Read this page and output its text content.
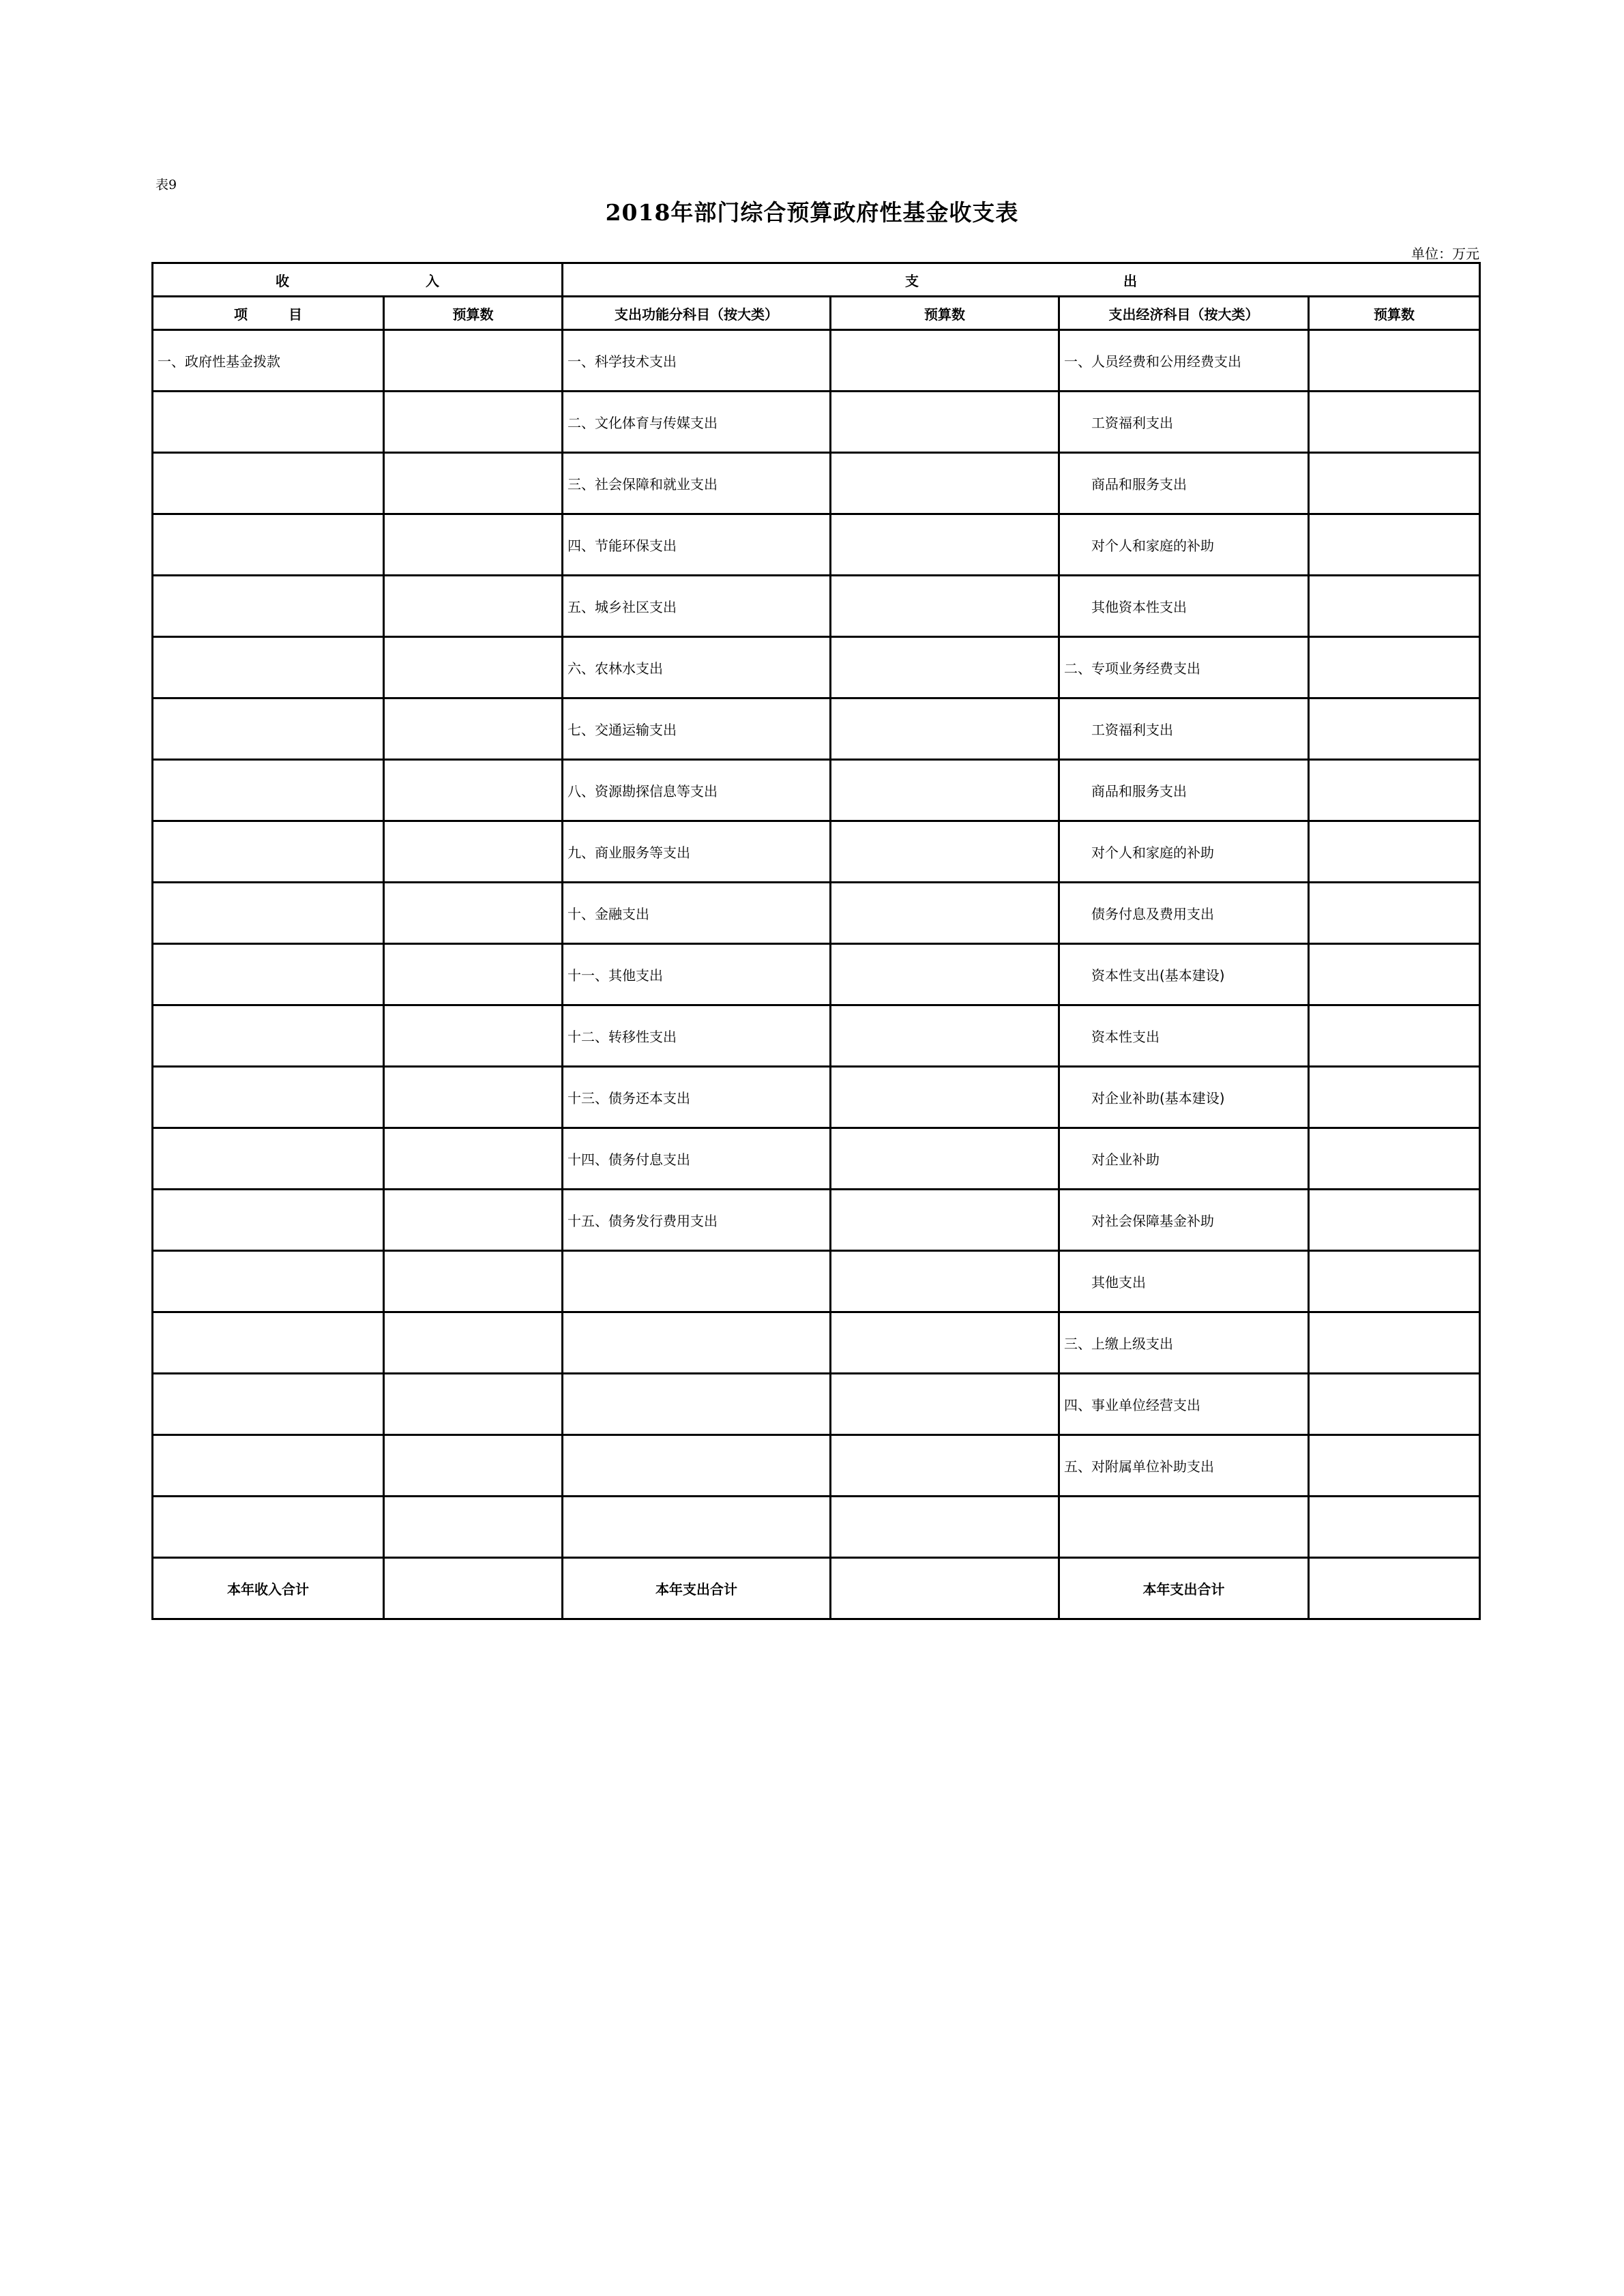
表9
2018年部门综合预算政府性基金收支表
单位：万元
收 入		支 出			
项 目	预算数	支出功能分科目（按大类）	预算数	支出经济科目（按大类）	预算数
一、政府性基金拨款		一、科学技术支出		一、人员经费和公用经费支出	
		二、文化体育与传媒支出		工资福利支出	
		三、社会保障和就业支出		商品和服务支出	
		四、节能环保支出		对个人和家庭的补助	
		五、城乡社区支出		其他资本性支出	
		六、农林水支出		二、专项业务经费支出	
		七、交通运输支出		工资福利支出	
		八、资源勘探信息等支出		商品和服务支出	
		九、商业服务等支出		对个人和家庭的补助	
		十、金融支出		债务付息及费用支出	
		十一、其他支出		资本性支出(基本建设)	
		十二、转移性支出		资本性支出	
		十三、债务还本支出		对企业补助(基本建设)	
		十四、债务付息支出		对企业补助	
		十五、债务发行费用支出		对社会保障基金补助	
				其他支出	
				三、上缴上级支出	
				四、事业单位经营支出	
				五、对附属单位补助支出	

本年收入合计		本年支出合计		本年支出合计	
